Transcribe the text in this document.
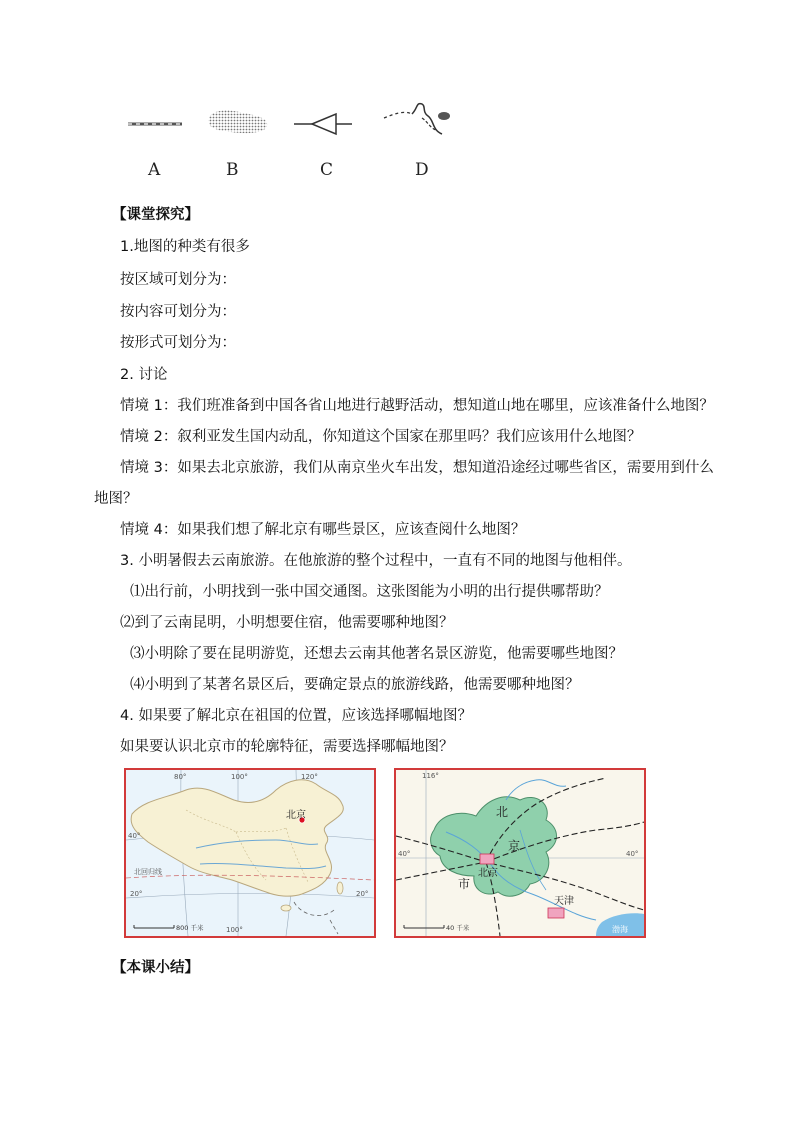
A	B	C	D
【课堂探究】
1.地图的种类有很多
按区域可划分为：
按内容可划分为：
按形式可划分为：
2. 讨论
情境 1：我们班准备到中国各省山地进行越野活动，想知道山地在哪里，应该准备什么地图？
情境 2：叙利亚发生国内动乱，你知道这个国家在那里吗？我们应该用什么地图？
情境 3：如果去北京旅游，我们从南京坐火车出发，想知道沿途经过哪些省区，需要用到什么
地图？
情境 4：如果我们想了解北京有哪些景区，应该查阅什么地图？
3. 小明暑假去云南旅游。在他旅游的整个过程中，一直有不同的地图与他相伴。
⑴出行前，小明找到一张中国交通图。这张图能为小明的出行提供哪帮助？
⑵到了云南昆明，小明想要住宿，他需要哪种地图？
⑶小明除了要在昆明游览，还想去云南其他著名景区游览，他需要哪些地图？
⑷小明到了某著名景区后，要确定景点的旅游线路，他需要哪种地图？
4. 如果要了解北京在祖国的位置，应该选择哪幅地图？
如果要认识北京市的轮廓特征，需要选择哪幅地图？
北京
80°	100°	120°
40°
20°	20°
北回归线
100°
800 千米
北
京
市
北京
天津
渤海
116°
40°	40°
40 千米
【本课小结】
